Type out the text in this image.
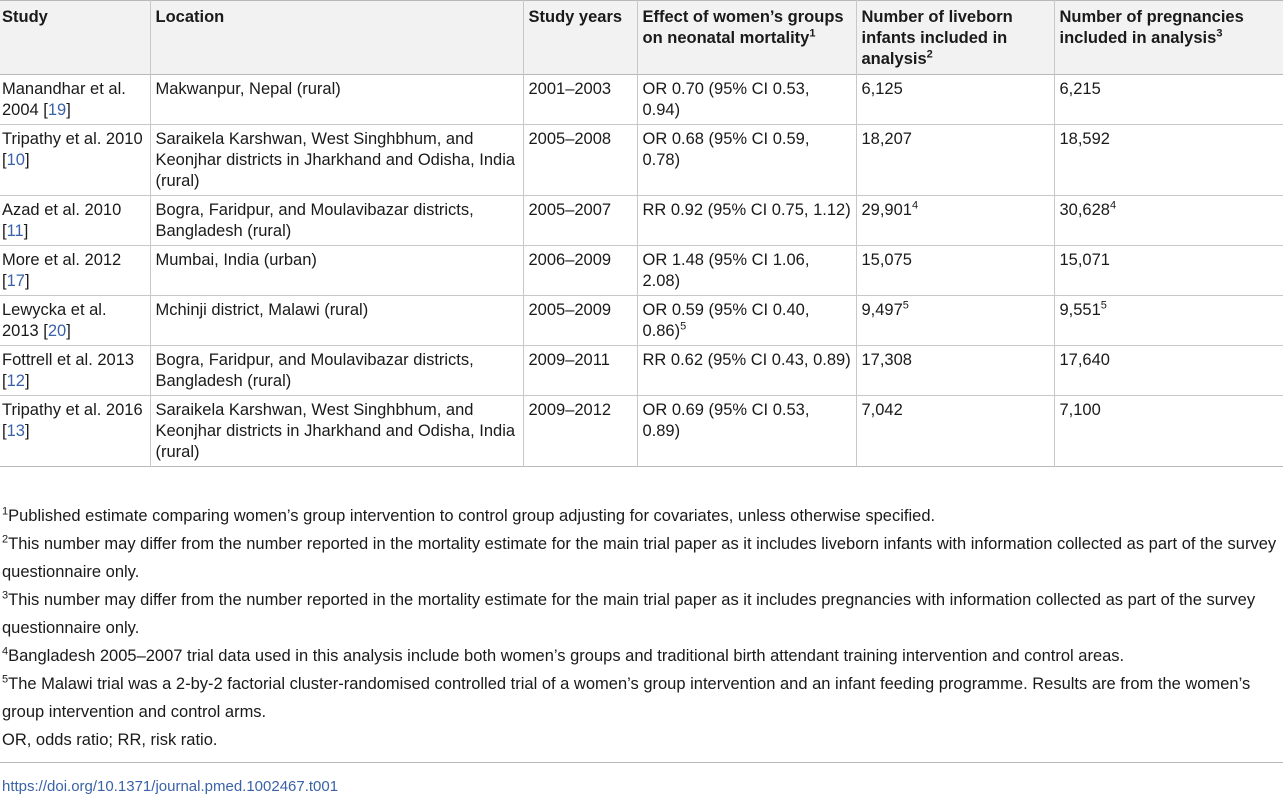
Study	Location	Study years	Effect of women’s groups on neonatal mortality$^1$	Number of liveborn infants included in analysis$^2$	Number of pregnancies included in analysis$^3$
Manandhar et al. 2004 [19]	Makwanpur, Nepal (rural)	2001–2003	OR 0.70 (95% CI 0.53, 0.94)	6,125	6,215
Tripathy et al. 2010 [10]	Saraikela Karshwan, West Singhbhum, and Keonjhar districts in Jharkhand and Odisha, India (rural)	2005–2008	OR 0.68 (95% CI 0.59, 0.78)	18,207	18,592
Azad et al. 2010 [11]	Bogra, Faridpur, and Moulavibazar districts, Bangladesh (rural)	2005–2007	RR 0.92 (95% CI 0.75, 1.12)	29,901$^4$	30,628$^4$
More et al. 2012 [17]	Mumbai, India (urban)	2006–2009	OR 1.48 (95% CI 1.06, 2.08)	15,075	15,071
Lewycka et al. 2013 [20]	Mchinji district, Malawi (rural)	2005–2009	OR 0.59 (95% CI 0.40, 0.86)$^5$	9,497$^5$	9,551$^5$
Fottrell et al. 2013 [12]	Bogra, Faridpur, and Moulavibazar districts, Bangladesh (rural)	2009–2011	RR 0.62 (95% CI 0.43, 0.89)	17,308	17,640
Tripathy et al. 2016 [13]	Saraikela Karshwan, West Singhbhum, and Keonjhar districts in Jharkhand and Odisha, India (rural)	2009–2012	OR 0.69 (95% CI 0.53, 0.89)	7,042	7,100

$^1$Published estimate comparing women’s group intervention to control group adjusting for covariates, unless otherwise specified.

$^2$This number may differ from the number reported in the mortality estimate for the main trial paper as it includes liveborn infants with information collected as part of the survey questionnaire only.

$^3$This number may differ from the number reported in the mortality estimate for the main trial paper as it includes pregnancies with information collected as part of the survey questionnaire only.

$^4$Bangladesh 2005–2007 trial data used in this analysis include both women’s groups and traditional birth attendant training intervention and control areas.

$^5$The Malawi trial was a 2-by-2 factorial cluster-randomised controlled trial of a women’s group intervention and an infant feeding programme. Results are from the women’s group intervention and control arms.

OR, odds ratio; RR, risk ratio.

https://doi.org/10.1371/journal.pmed.1002467.t001
